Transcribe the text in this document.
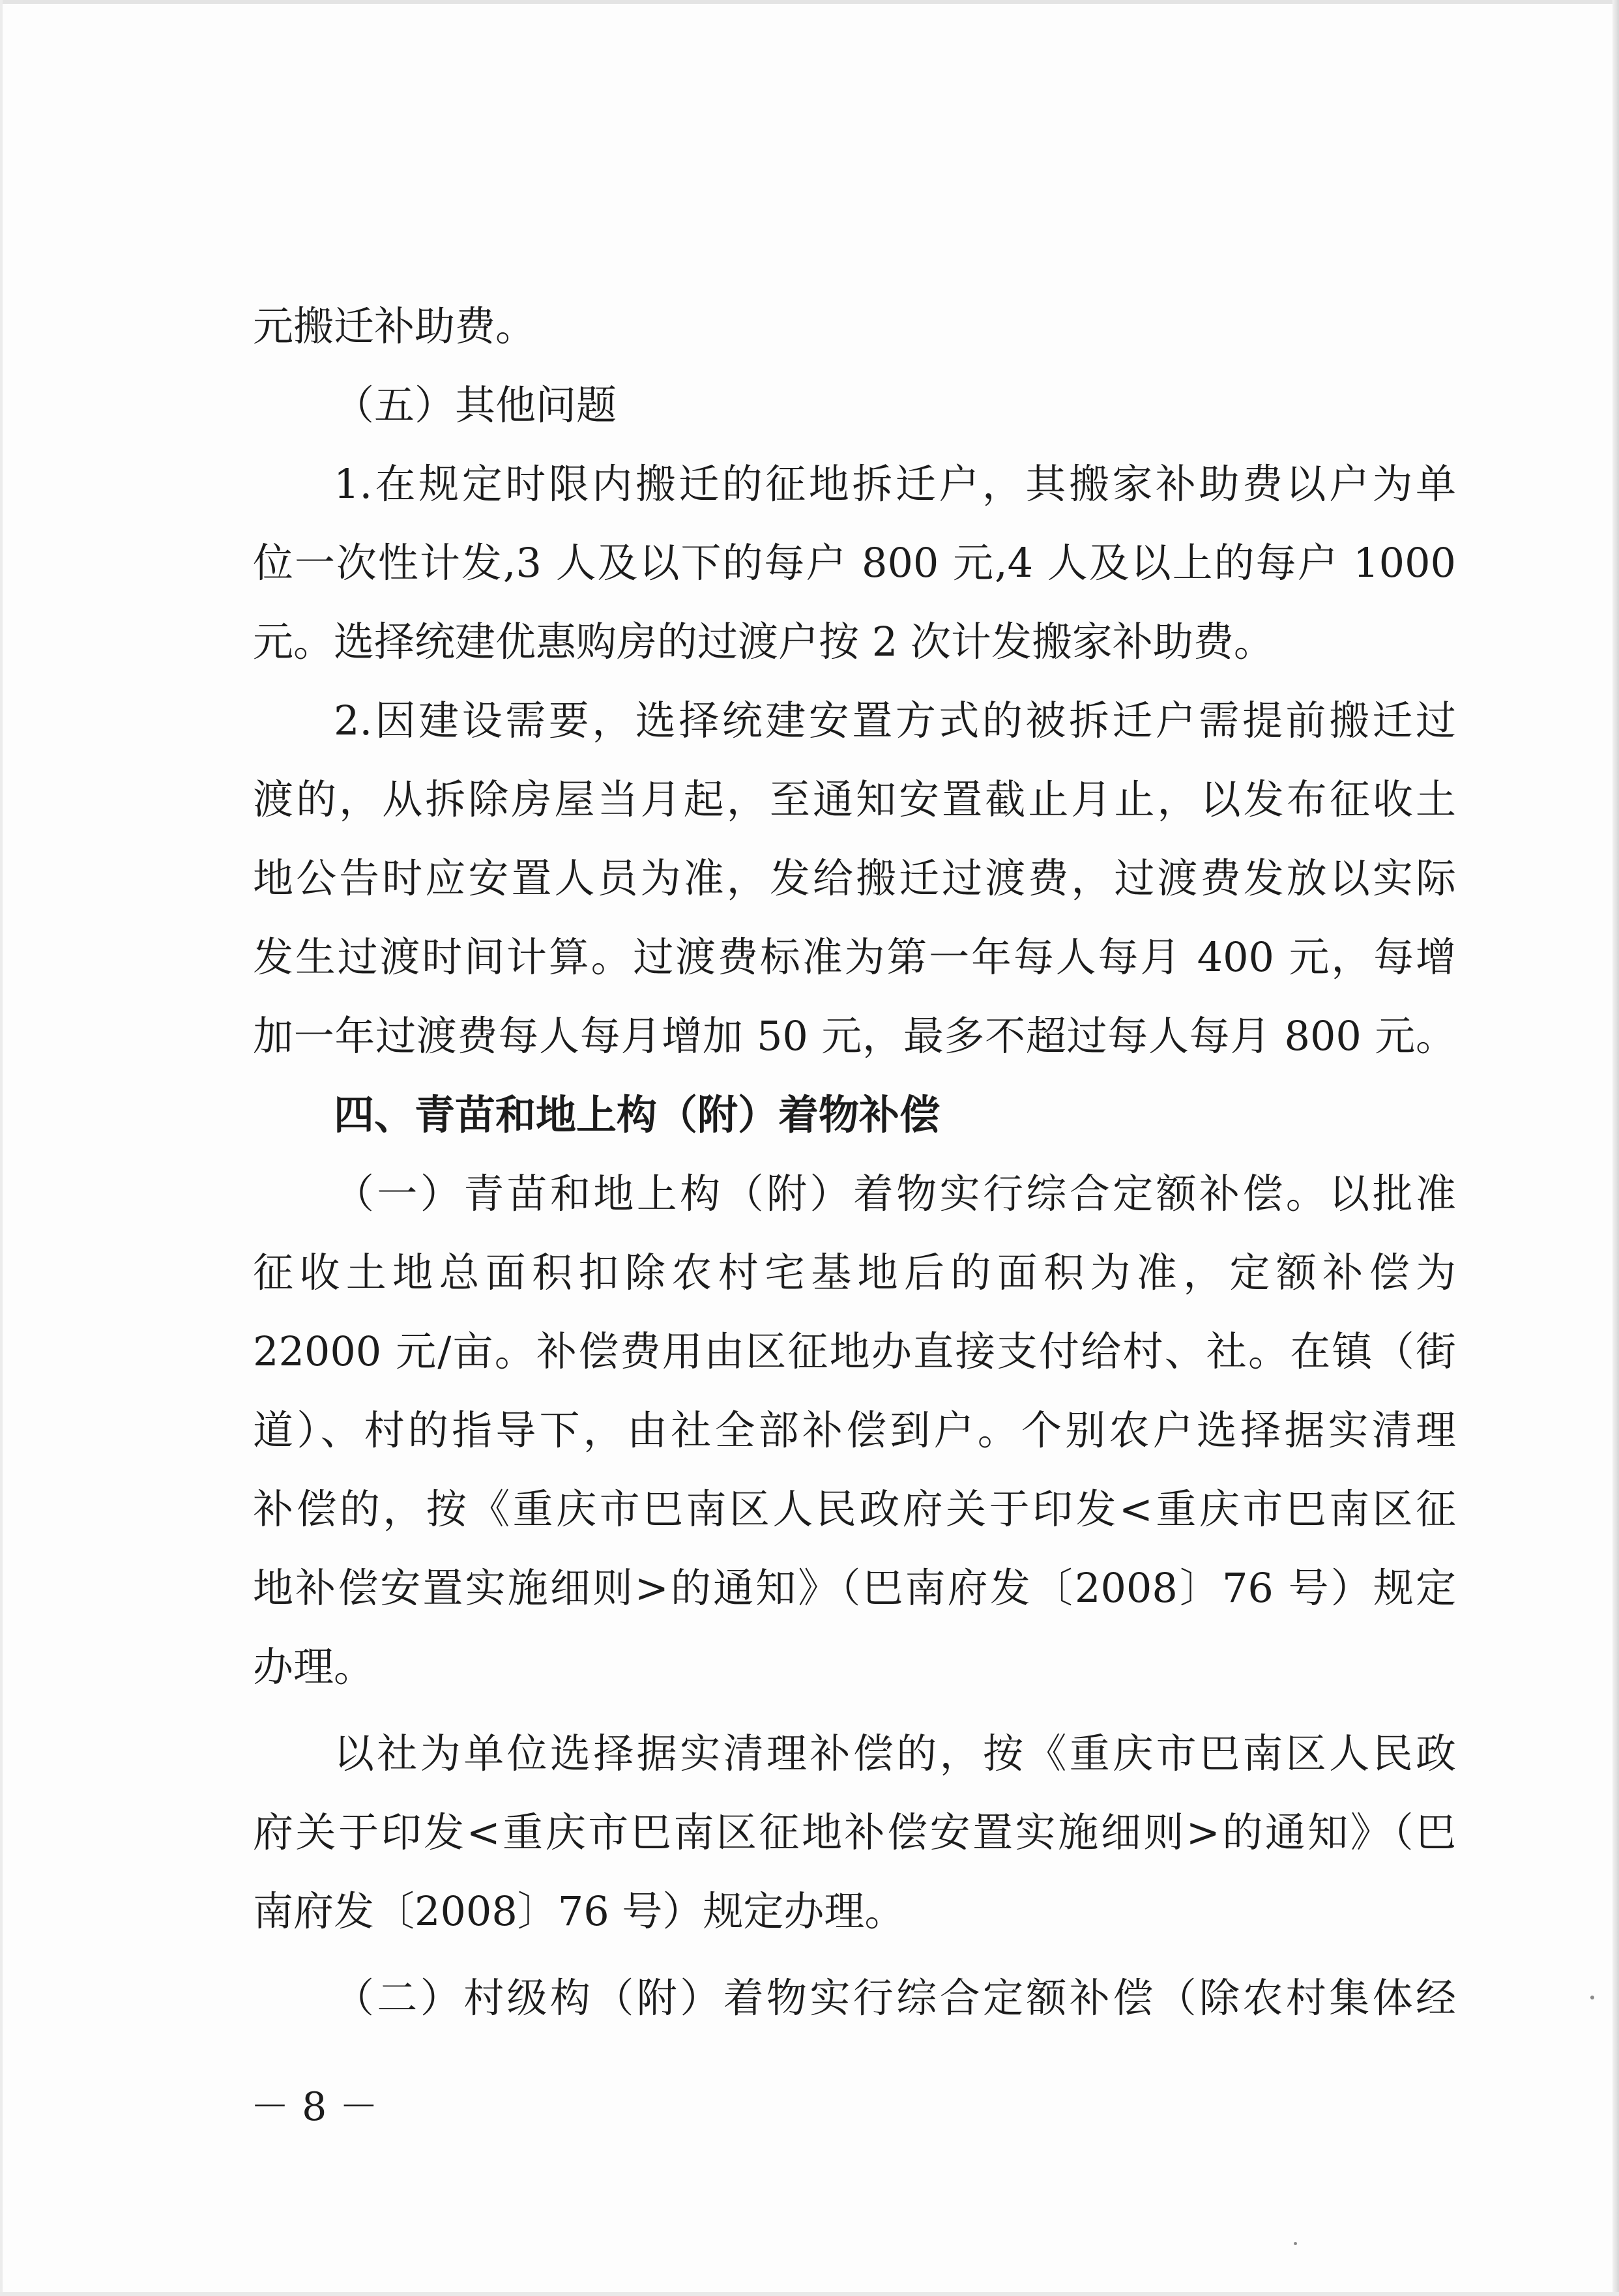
元搬迁补助费。
（五）其他问题
1.在规定时限内搬迁的征地拆迁户，其搬家补助费以户为单
位一次性计发,3 人及以下的每户 800 元,4 人及以上的每户 1000
元。选择统建优惠购房的过渡户按 2 次计发搬家补助费。
2.因建设需要，选择统建安置方式的被拆迁户需提前搬迁过
渡的，从拆除房屋当月起，至通知安置截止月止，以发布征收土
地公告时应安置人员为准，发给搬迁过渡费，过渡费发放以实际
发生过渡时间计算。过渡费标准为第一年每人每月 400 元，每增
加一年过渡费每人每月增加 50 元，最多不超过每人每月 800 元。
四、青苗和地上构（附）着物补偿
（一）青苗和地上构（附）着物实行综合定额补偿。以批准
征收土地总面积扣除农村宅基地后的面积为准，定额补偿为
22000 元/亩。补偿费用由区征地办直接支付给村、社。在镇（街
道）、村的指导下，由社全部补偿到户。个别农户选择据实清理
补偿的，按《重庆市巴南区人民政府关于印发<重庆市巴南区征
地补偿安置实施细则>的通知》（巴南府发〔2008〕76 号）规定
办理。
以社为单位选择据实清理补偿的，按《重庆市巴南区人民政
府关于印发<重庆市巴南区征地补偿安置实施细则>的通知》（巴
南府发〔2008〕76 号）规定办理。
（二）村级构（附）着物实行综合定额补偿（除农村集体经
－ 8 －
